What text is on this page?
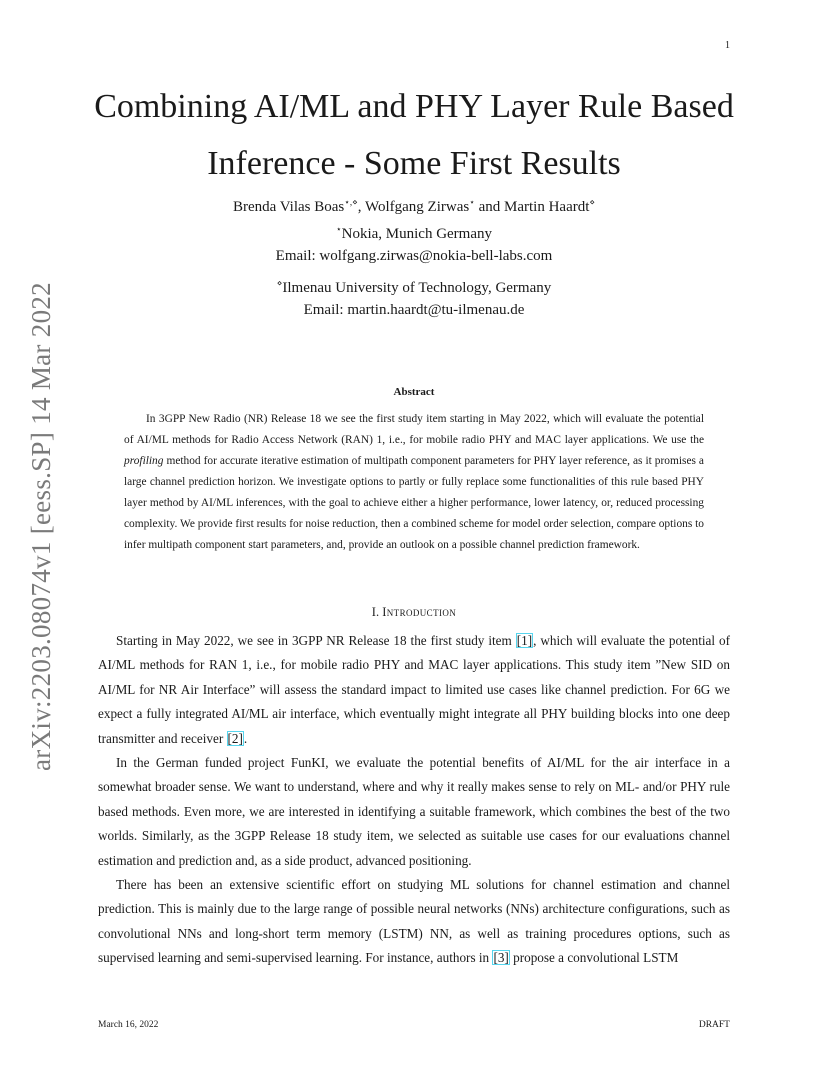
1
arXiv:2203.08074v1 [eess.SP] 14 Mar 2022
Combining AI/ML and PHY Layer Rule Based Inference - Some First Results
Brenda Vilas Boas⋆,⋄, Wolfgang Zirwas⋆ and Martin Haardt⋄
⋆Nokia, Munich Germany
Email: wolfgang.zirwas@nokia-bell-labs.com
⋄Ilmenau University of Technology, Germany
Email: martin.haardt@tu-ilmenau.de
Abstract
In 3GPP New Radio (NR) Release 18 we see the first study item starting in May 2022, which will evaluate the potential of AI/ML methods for Radio Access Network (RAN) 1, i.e., for mobile radio PHY and MAC layer applications. We use the profiling method for accurate iterative estimation of multipath component parameters for PHY layer reference, as it promises a large channel prediction horizon. We investigate options to partly or fully replace some functionalities of this rule based PHY layer method by AI/ML inferences, with the goal to achieve either a higher performance, lower latency, or, reduced processing complexity. We provide first results for noise reduction, then a combined scheme for model order selection, compare options to infer multipath component start parameters, and, provide an outlook on a possible channel prediction framework.
I. Introduction

Starting in May 2022, we see in 3GPP NR Release 18 the first study item [1], which will evaluate the potential of AI/ML methods for RAN 1, i.e., for mobile radio PHY and MAC layer applications. This study item ”New SID on AI/ML for NR Air Interface” will assess the standard impact to limited use cases like channel prediction. For 6G we expect a fully integrated AI/ML air interface, which eventually might integrate all PHY building blocks into one deep transmitter and receiver [2].

In the German funded project FunKI, we evaluate the potential benefits of AI/ML for the air interface in a somewhat broader sense. We want to understand, where and why it really makes sense to rely on ML- and/or PHY rule based methods. Even more, we are interested in identifying a suitable framework, which combines the best of the two worlds. Similarly, as the 3GPP Release 18 study item, we selected as suitable use cases for our evaluations channel estimation and prediction and, as a side product, advanced positioning.

There has been an extensive scientific effort on studying ML solutions for channel estimation and channel prediction. This is mainly due to the large range of possible neural networks (NNs) architecture configurations, such as convolutional NNs and long-short term memory (LSTM) NN, as well as training procedures options, such as supervised learning and semi-supervised learning. For instance, authors in [3] propose a convolutional LSTM

March 16, 2022	DRAFT
